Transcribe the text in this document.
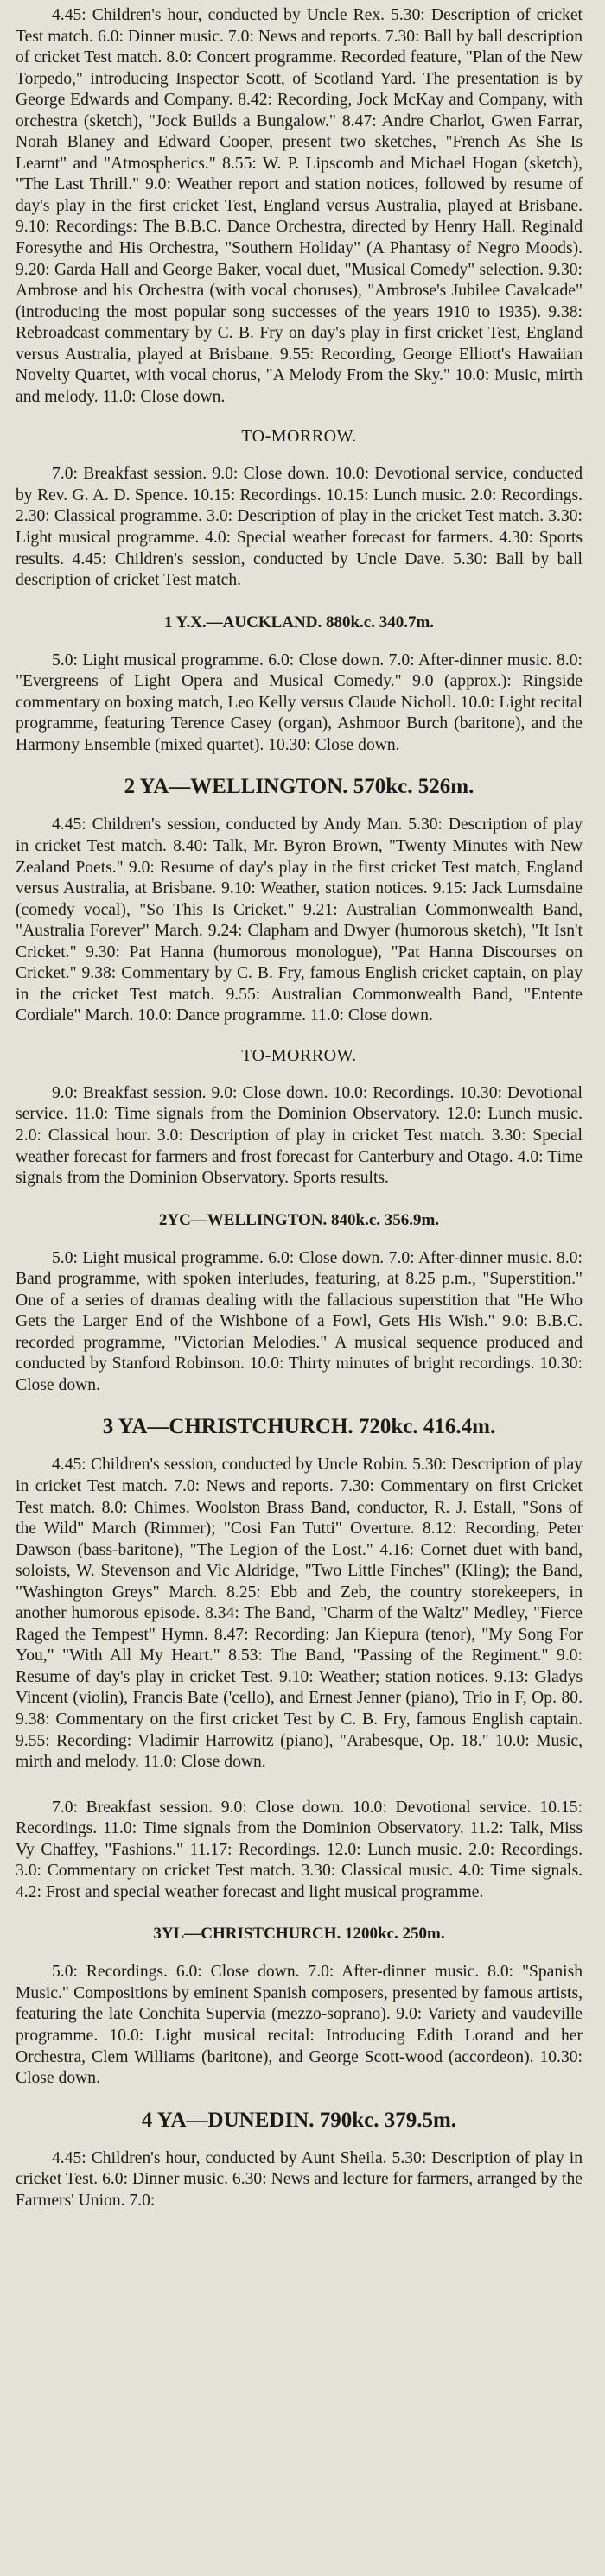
4.45: Children's hour, conducted by Uncle Rex. 5.30: Description of cricket Test match. 6.0: Dinner music. 7.0: News and reports. 7.30: Ball by ball description of cricket Test match. 8.0: Concert programme. Recorded feature, "Plan of the New Torpedo," introducing Inspector Scott, of Scotland Yard. The presentation is by George Edwards and Company. 8.42: Recording, Jock McKay and Company, with orchestra (sketch), "Jock Builds a Bungalow." 8.47: Andre Charlot, Gwen Farrar, Norah Blaney and Edward Cooper, present two sketches, "French As She Is Learnt" and "Atmospherics." 8.55: W. P. Lipscomb and Michael Hogan (sketch), "The Last Thrill." 9.0: Weather report and station notices, followed by resume of day's play in the first cricket Test, England versus Australia, played at Brisbane. 9.10: Recordings: The B.B.C. Dance Orchestra, directed by Henry Hall. Reginald Foresythe and His Orchestra, "Southern Holiday" (A Phantasy of Negro Moods). 9.20: Garda Hall and George Baker, vocal duet, "Musical Comedy" selection. 9.30: Ambrose and his Orchestra (with vocal choruses), "Ambrose's Jubilee Cavalcade" (introducing the most popular song successes of the years 1910 to 1935). 9.38: Rebroadcast commentary by C. B. Fry on day's play in first cricket Test, England versus Australia, played at Brisbane. 9.55: Recording, George Elliott's Hawaiian Novelty Quartet, with vocal chorus, "A Melody From the Sky." 10.0: Music, mirth and melody. 11.0: Close down.

TO-MORROW.

7.0: Breakfast session. 9.0: Close down. 10.0: Devotional service, conducted by Rev. G. A. D. Spence. 10.15: Recordings. 10.15: Lunch music. 2.0: Recordings. 2.30: Classical programme. 3.0: Description of play in the cricket Test match. 3.30: Light musical programme. 4.0: Special weather forecast for farmers. 4.30: Sports results. 4.45: Children's session, conducted by Uncle Dave. 5.30: Ball by ball description of cricket Test match.

1 Y.X.—AUCKLAND. 880k.c. 340.7m.

5.0: Light musical programme. 6.0: Close down. 7.0: After-dinner music. 8.0: "Evergreens of Light Opera and Musical Comedy." 9.0 (approx.): Ringside commentary on boxing match, Leo Kelly versus Claude Nicholl. 10.0: Light recital programme, featuring Terence Casey (organ), Ashmoor Burch (baritone), and the Harmony Ensemble (mixed quartet). 10.30: Close down.

2 YA—WELLINGTON. 570kc. 526m.

4.45: Children's session, conducted by Andy Man. 5.30: Description of play in cricket Test match. 8.40: Talk, Mr. Byron Brown, "Twenty Minutes with New Zealand Poets." 9.0: Resume of day's play in the first cricket Test match, England versus Australia, at Brisbane. 9.10: Weather, station notices. 9.15: Jack Lumsdaine (comedy vocal), "So This Is Cricket." 9.21: Australian Commonwealth Band, "Australia Forever" March. 9.24: Clapham and Dwyer (humorous sketch), "It Isn't Cricket." 9.30: Pat Hanna (humorous monologue), "Pat Hanna Discourses on Cricket." 9.38: Commentary by C. B. Fry, famous English cricket captain, on play in the cricket Test match. 9.55: Australian Commonwealth Band, "Entente Cordiale" March. 10.0: Dance programme. 11.0: Close down.

TO-MORROW.

9.0: Breakfast session. 9.0: Close down. 10.0: Recordings. 10.30: Devotional service. 11.0: Time signals from the Dominion Observatory. 12.0: Lunch music. 2.0: Classical hour. 3.0: Description of play in cricket Test match. 3.30: Special weather forecast for farmers and frost forecast for Canterbury and Otago. 4.0: Time signals from the Dominion Observatory. Sports results.

2YC—WELLINGTON. 840k.c. 356.9m.

5.0: Light musical programme. 6.0: Close down. 7.0: After-dinner music. 8.0: Band programme, with spoken interludes, featuring, at 8.25 p.m., "Superstition." One of a series of dramas dealing with the fallacious superstition that "He Who Gets the Larger End of the Wishbone of a Fowl, Gets His Wish." 9.0: B.B.C. recorded programme, "Victorian Melodies." A musical sequence produced and conducted by Stanford Robinson. 10.0: Thirty minutes of bright recordings. 10.30: Close down.

3 YA—CHRISTCHURCH. 720kc. 416.4m.

4.45: Children's session, conducted by Uncle Robin. 5.30: Description of play in cricket Test match. 7.0: News and reports. 7.30: Commentary on first Cricket Test match. 8.0: Chimes. Woolston Brass Band, conductor, R. J. Estall, "Sons of the Wild" March (Rimmer); "Cosi Fan Tutti" Overture. 8.12: Recording, Peter Dawson (bass-baritone), "The Legion of the Lost." 4.16: Cornet duet with band, soloists, W. Stevenson and Vic Aldridge, "Two Little Finches" (Kling); the Band, "Washington Greys" March. 8.25: Ebb and Zeb, the country storekeepers, in another humorous episode. 8.34: The Band, "Charm of the Waltz" Medley, "Fierce Raged the Tempest" Hymn. 8.47: Recording: Jan Kiepura (tenor), "My Song For You," "With All My Heart." 8.53: The Band, "Passing of the Regiment." 9.0: Resume of day's play in cricket Test. 9.10: Weather; station notices. 9.13: Gladys Vincent (violin), Francis Bate ('cello), and Ernest Jenner (piano), Trio in F, Op. 80. 9.38: Commentary on the first cricket Test by C. B. Fry, famous English captain. 9.55: Recording: Vladimir Harrowitz (piano), "Arabesque, Op. 18." 10.0: Music, mirth and melody. 11.0: Close down.

7.0: Breakfast session. 9.0: Close down. 10.0: Devotional service. 10.15: Recordings. 11.0: Time signals from the Dominion Observatory. 11.2: Talk, Miss Vy Chaffey, "Fashions." 11.17: Recordings. 12.0: Lunch music. 2.0: Recordings. 3.0: Commentary on cricket Test match. 3.30: Classical music. 4.0: Time signals. 4.2: Frost and special weather forecast and light musical programme.

3YL—CHRISTCHURCH. 1200kc. 250m.

5.0: Recordings. 6.0: Close down. 7.0: After-dinner music. 8.0: "Spanish Music." Compositions by eminent Spanish composers, presented by famous artists, featuring the late Conchita Supervia (mezzo-soprano). 9.0: Variety and vaudeville programme. 10.0: Light musical recital: Introducing Edith Lorand and her Orchestra, Clem Williams (baritone), and George Scott-wood (accordeon). 10.30: Close down.

4 YA—DUNEDIN. 790kc. 379.5m.

4.45: Children's hour, conducted by Aunt Sheila. 5.30: Description of play in cricket Test. 6.0: Dinner music. 6.30: News and lecture for farmers, arranged by the Farmers' Union. 7.0:
